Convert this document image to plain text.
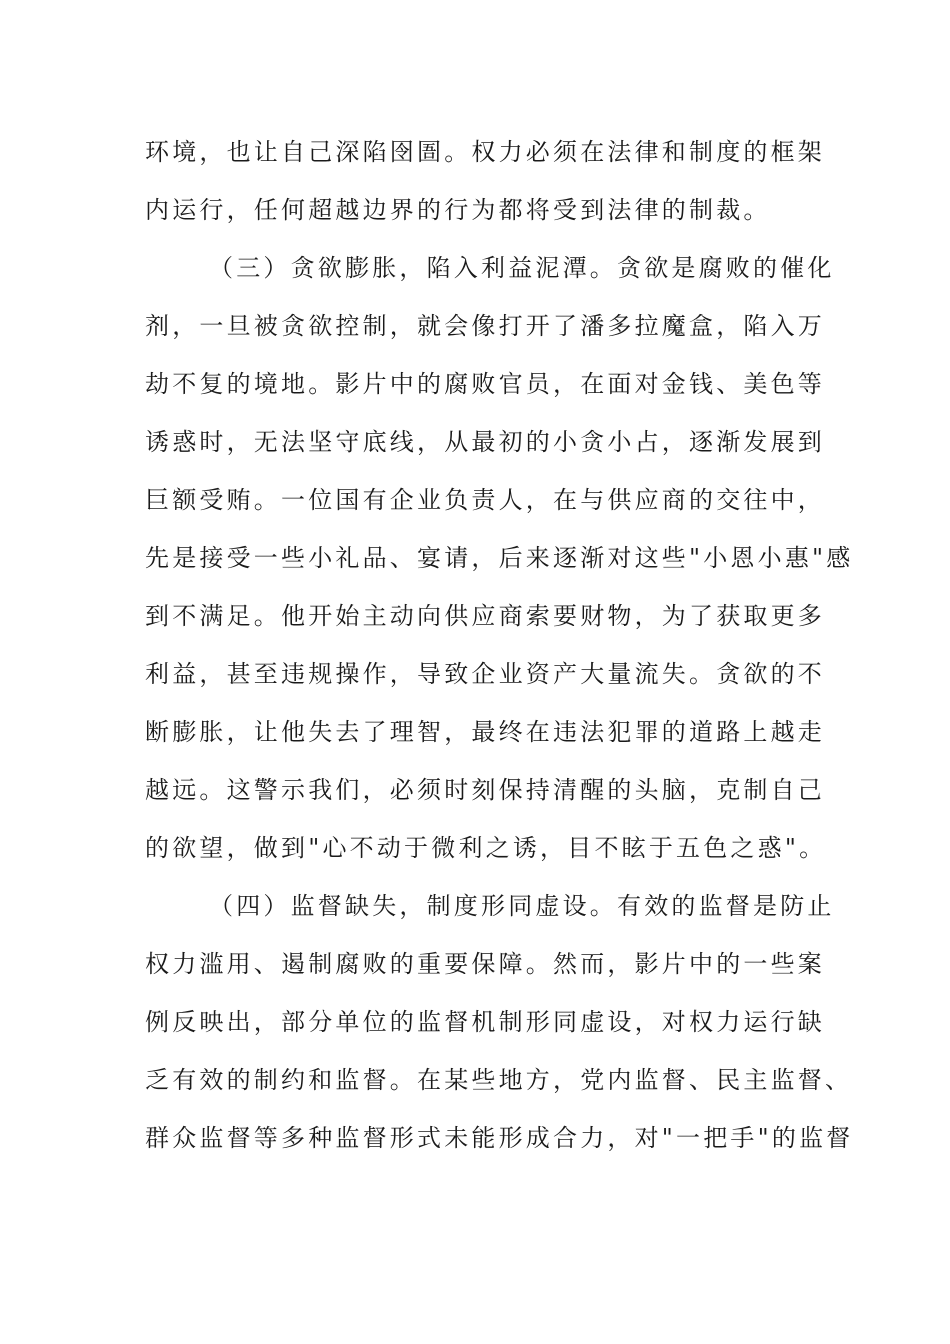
环境，也让自己深陷囹圄。权力必须在法律和制度的框架
内运行，任何超越边界的行为都将受到法律的制裁。
（三）贪欲膨胀，陷入利益泥潭。贪欲是腐败的催化
剂，一旦被贪欲控制，就会像打开了潘多拉魔盒，陷入万
劫不复的境地。影片中的腐败官员，在面对金钱、美色等
诱惑时，无法坚守底线，从最初的小贪小占，逐渐发展到
巨额受贿。一位国有企业负责人，在与供应商的交往中，
先是接受一些小礼品、宴请，后来逐渐对这些"小恩小惠"感
到不满足。他开始主动向供应商索要财物，为了获取更多
利益，甚至违规操作，导致企业资产大量流失。贪欲的不
断膨胀，让他失去了理智，最终在违法犯罪的道路上越走
越远。这警示我们，必须时刻保持清醒的头脑，克制自己
的欲望，做到"心不动于微利之诱，目不眩于五色之惑"。
（四）监督缺失，制度形同虚设。有效的监督是防止
权力滥用、遏制腐败的重要保障。然而，影片中的一些案
例反映出，部分单位的监督机制形同虚设，对权力运行缺
乏有效的制约和监督。在某些地方，党内监督、民主监督、
群众监督等多种监督形式未能形成合力，对"一把手"的监督
